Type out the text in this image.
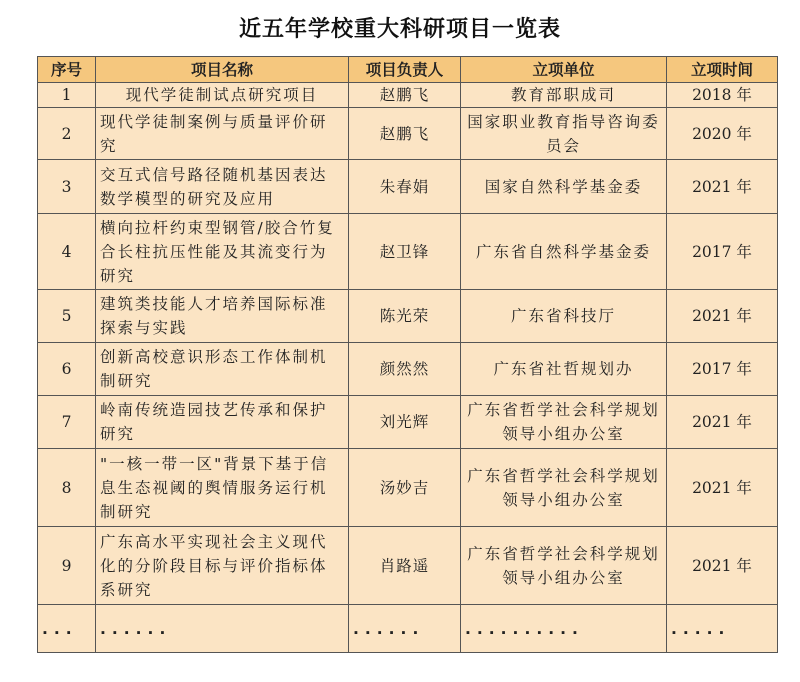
近五年学校重大科研项目一览表
序号	项目名称	项目负责人	立项单位	立项时间
1	现代学徒制试点研究项目	赵鹏飞	教育部职成司	2018 年
2	现代学徒制案例与质量评价研究	赵鹏飞	国家职业教育指导咨询委员会	2020 年
3	交互式信号路径随机基因表达数学模型的研究及应用	朱春娟	国家自然科学基金委	2021 年
4	横向拉杆约束型钢管/胶合竹复合长柱抗压性能及其流变行为研究	赵卫锋	广东省自然科学基金委	2017 年
5	建筑类技能人才培养国际标准探索与实践	陈光荣	广东省科技厅	2021 年
6	创新高校意识形态工作体制机制研究	颜然然	广东省社哲规划办	2017 年
7	岭南传统造园技艺传承和保护研究	刘光辉	广东省哲学社会科学规划领导小组办公室	2021 年
8	"一核一带一区"背景下基于信息生态视阈的舆情服务运行机制研究	汤妙吉	广东省哲学社会科学规划领导小组办公室	2021 年
9	广东高水平实现社会主义现代化的分阶段目标与评价指标体系研究	肖路遥	广东省哲学社会科学规划领导小组办公室	2021 年
...	......	......	..........	.....
